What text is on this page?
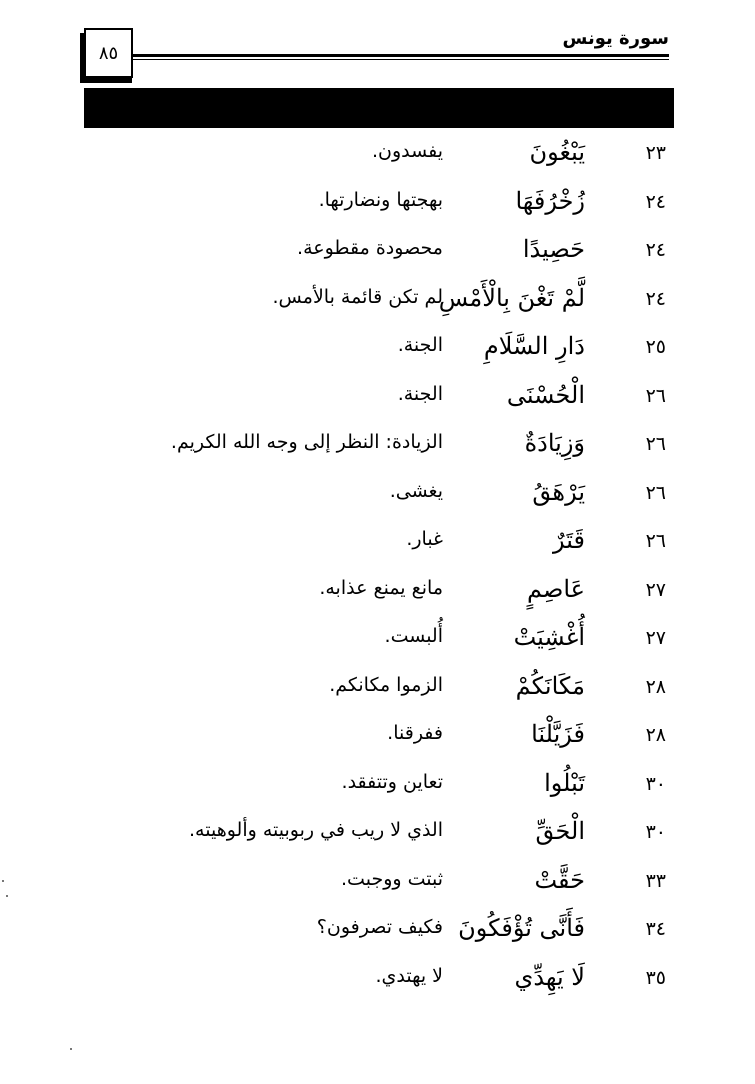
٨٥
سورة يونس
٢٣
يَبْغُونَ
يفسدون.
٢٤
زُخْرُفَهَا
بهجتها ونضارتها.
٢٤
حَصِيدًا
محصودة مقطوعة.
٢٤
لَّمْ تَغْنَ بِالْأَمْسِ
لم تكن قائمة بالأمس.
٢٥
دَارِ السَّلَامِ
الجنة.
٢٦
الْحُسْنَى
الجنة.
٢٦
وَزِيَادَةٌ
الزيادة: النظر إلى وجه الله الكريم.
٢٦
يَرْهَقُ
يغشى.
٢٦
قَتَرٌ
غبار.
٢٧
عَاصِمٍ
مانع يمنع عذابه.
٢٧
أُغْشِيَتْ
أُلبست.
٢٨
مَكَانَكُمْ
الزموا مكانكم.
٢٨
فَزَيَّلْنَا
ففرقنا.
٣٠
تَبْلُوا
تعاين وتتفقد.
٣٠
الْحَقِّ
الذي لا ريب في ربوبيته وألوهيته.
٣٣
حَقَّتْ
ثبتت ووجبت.
٣٤
فَأَنَّى تُؤْفَكُونَ
فكيف تصرفون؟
٣٥
لَا يَهِدِّي
لا يهتدي.
